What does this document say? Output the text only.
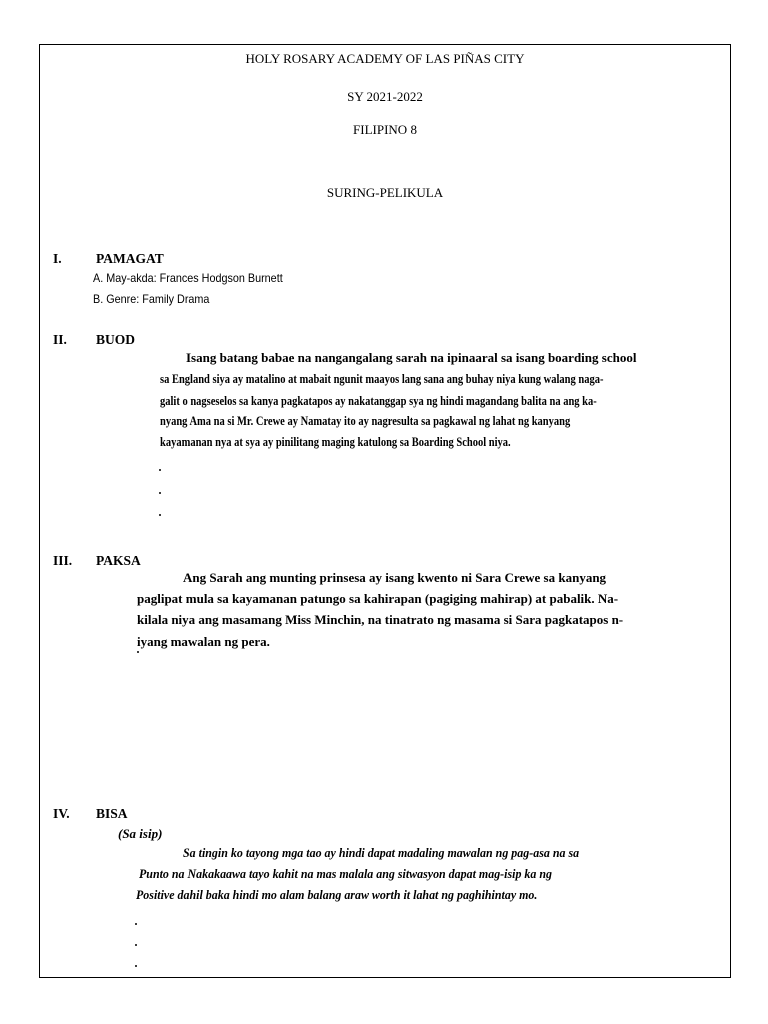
HOLY ROSARY ACADEMY OF LAS PIÑAS CITY
SY 2021-2022
FILIPINO 8
SURING-PELIKULA
I.	PAMAGAT
A. May-akda: Frances Hodgson Burnett
B. Genre: Family Drama
II. BUOD
Isang batang babae na nangangalang sarah na ipinaaral sa isang boarding school
sa England siya ay matalino at mabait ngunit maayos lang sana ang buhay niya kung walang naga-
galit o nagseselos sa kanya pagkatapos ay nakatanggap sya ng hindi magandang balita na ang ka-
nyang Ama na si Mr. Crewe ay Namatay ito ay nagresulta sa pagkawal ng lahat ng kanyang
kayamanan nya at sya ay pinilitang maging katulong sa Boarding School niya.
III. PAKSA
Ang Sarah ang munting prinsesa ay isang kwento ni Sara Crewe sa kanyang
paglipat mula sa kayamanan patungo sa kahirapan (pagiging mahirap) at pabalik. Na-
kilala niya ang masamang Miss Minchin, na tinatrato ng masama si Sara pagkatapos n-
iyang mawalan ng pera.
IV. BISA
(Sa isip)
Sa tingin ko tayong mga tao ay hindi dapat madaling mawalan ng pag-asa na sa
Punto na Nakakaawa tayo kahit na mas malala ang sitwasyon dapat mag-isip ka ng
Positive dahil baka hindi mo alam balang araw worth it lahat ng paghihintay mo.
